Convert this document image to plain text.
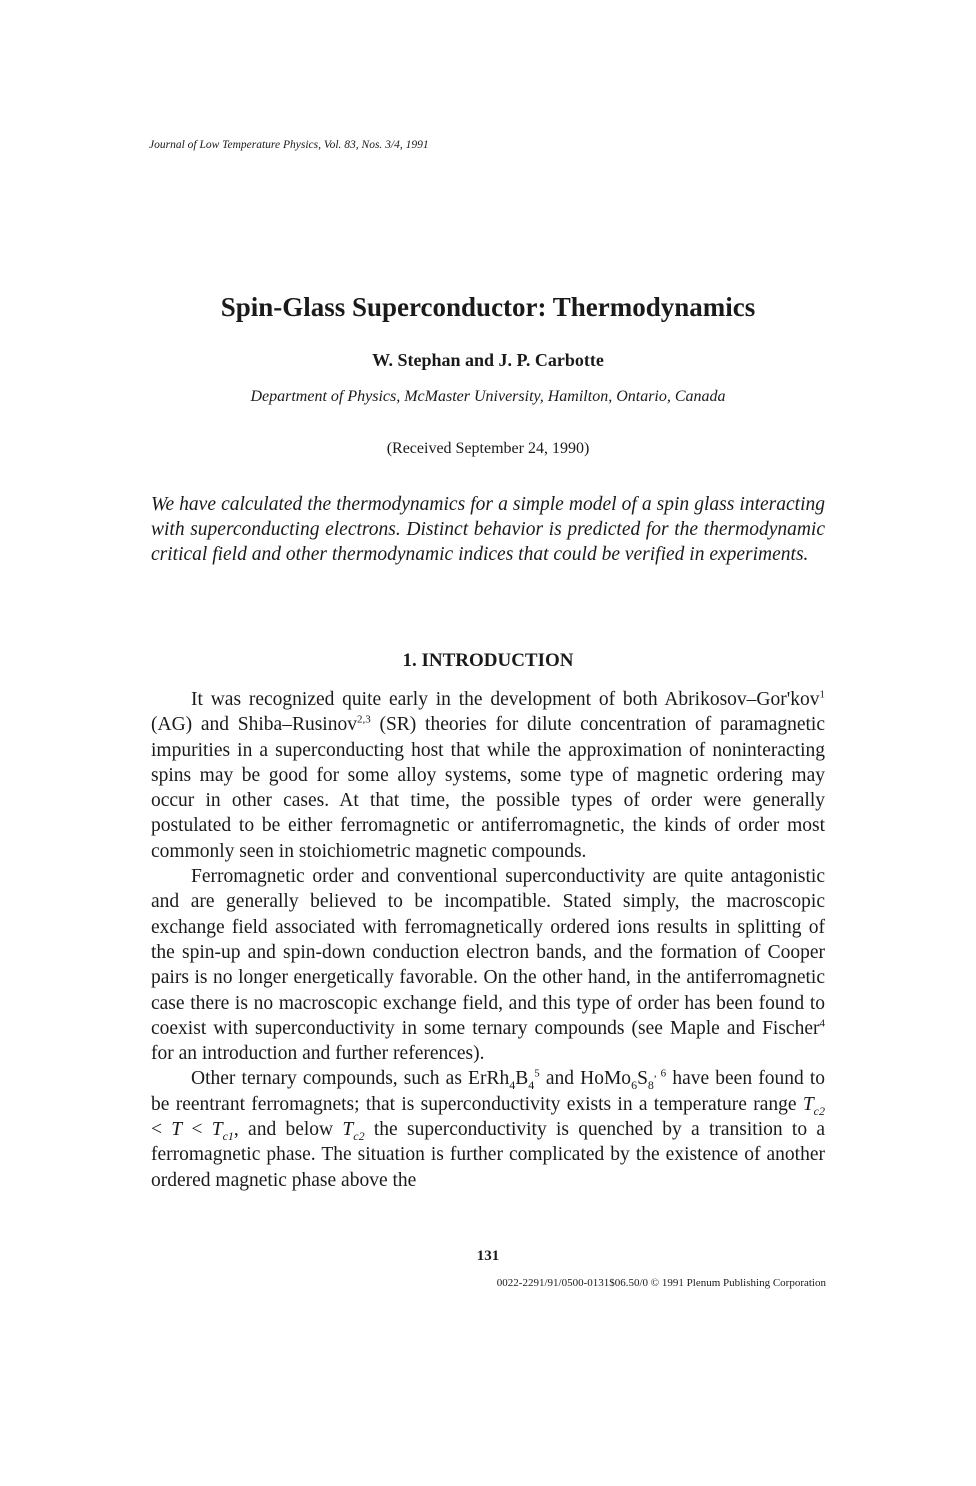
Journal of Low Temperature Physics, Vol. 83, Nos. 3/4, 1991
Spin-Glass Superconductor: Thermodynamics
W. Stephan and J. P. Carbotte
Department of Physics, McMaster University, Hamilton, Ontario, Canada
(Received September 24, 1990)
We have calculated the thermodynamics for a simple model of a spin glass interacting with superconducting electrons. Distinct behavior is predicted for the thermodynamic critical field and other thermodynamic indices that could be verified in experiments.
1. INTRODUCTION

It was recognized quite early in the development of both Abrikosov–Gor'kov$^1$ (AG) and Shiba–Rusinov$^{2,3}$ (SR) theories for dilute concentration of paramagnetic impurities in a superconducting host that while the approximation of noninteracting spins may be good for some alloy systems, some type of magnetic ordering may occur in other cases. At that time, the possible types of order were generally postulated to be either ferromagnetic or antiferromagnetic, the kinds of order most commonly seen in stoichiometric magnetic compounds.

Ferromagnetic order and conventional superconductivity are quite antagonistic and are generally believed to be incompatible. Stated simply, the macroscopic exchange field associated with ferromagnetically ordered ions results in splitting of the spin-up and spin-down conduction electron bands, and the formation of Cooper pairs is no longer energetically favorable. On the other hand, in the antiferromagnetic case there is no macroscopic exchange field, and this type of order has been found to coexist with superconductivity in some ternary compounds (see Maple and Fischer$^4$ for an introduction and further references).

Other ternary compounds, such as $ErRh_4B_4^5$ and $HoMo_6S_8^{, 6}$ have been found to be reentrant ferromagnets; that is superconductivity exists in a temperature range $T_{c2} < T < T_{c1}$, and below $T_{c2}$ the superconductivity is quenched by a transition to a ferromagnetic phase. The situation is further complicated by the existence of another ordered magnetic phase above the

131
0022-2291/91/0500-0131$06.50/0 © 1991 Plenum Publishing Corporation
